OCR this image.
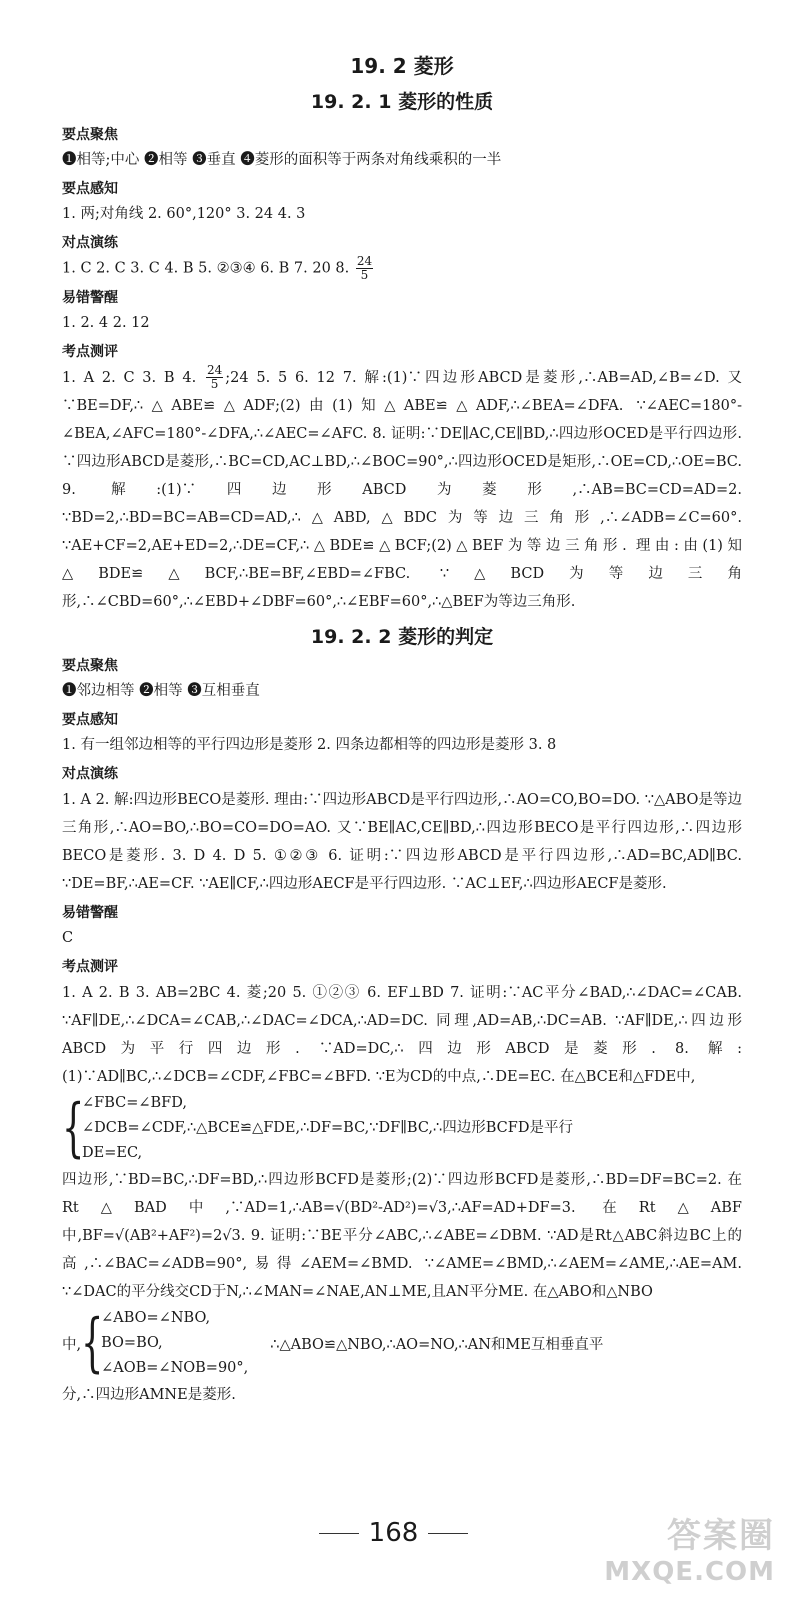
19. 2 菱形
19. 2. 1 菱形的性质
要点聚焦

❶相等;中心 ❷相等 ❸垂直 ❹菱形的面积等于两条对角线乘积的一半

要点感知

1. 两;对角线 2. 60°,120° 3. 24 4. 3

对点演练

1. C 2. C 3. C 4. B 5. ②③④ 6. B 7. 20 8. $\frac{24}{5}$

易错警醒

1. 2. 4 2. 12

考点测评

1. A 2. C 3. B 4. $\frac{24}{5}$ ;24 5. 5 6. 12 7. 解:(1)∵四边形ABCD是菱形,∴AB=AD,∠B=∠D. 又∵BE=DF,∴△ABE≌△ADF;(2)由(1)知△ABE≌△ADF,∴∠BEA=∠DFA. ∵∠AEC=180°-∠BEA,∠AFC=180°-∠DFA,∴∠AEC=∠AFC. 8. 证明:∵DE∥AC,CE∥BD,∴四边形OCED是平行四边形. ∵四边形ABCD是菱形,∴BC=CD,AC⊥BD,∴∠BOC=90°,∴四边形OCED是矩形,∴OE=CD,∴OE=BC. 9. 解:(1)∵四边形ABCD为菱形,∴AB=BC=CD=AD=2. ∵BD=2,∴BD=BC=AB=CD=AD,∴△ABD,△BDC为等边三角形,∴∠ADB=∠C=60°. ∵AE+CF=2,AE+ED=2,∴DE=CF,∴△BDE≌△BCF;(2)△BEF为等边三角形. 理由:由(1)知△BDE≌△BCF,∴BE=BF,∠EBD=∠FBC. ∵△BCD为等边三角形,∴∠CBD=60°,∴∠EBD+∠DBF=60°,∴∠EBF=60°,∴△BEF为等边三角形.

19. 2. 2 菱形的判定
要点聚焦

❶邻边相等 ❷相等 ❸互相垂直

要点感知

1. 有一组邻边相等的平行四边形是菱形 2. 四条边都相等的四边形是菱形 3. 8

对点演练

1. A 2. 解:四边形BECO是菱形. 理由:∵四边形ABCD是平行四边形,∴AO=CO,BO=DO. ∵△ABO是等边三角形,∴AO=BO,∴BO=CO=DO=AO. 又∵BE∥AC,CE∥BD,∴四边形BECO是平行四边形,∴四边形BECO是菱形. 3. D 4. D 5. ①②③ 6. 证明:∵四边形ABCD是平行四边形,∴AD=BC,AD∥BC. ∵DE=BF,∴AE=CF. ∵AE∥CF,∴四边形AECF是平行四边形. ∵AC⊥EF,∴四边形AECF是菱形.

易错警醒

C

考点测评

1. A 2. B 3. AB=2BC 4. 菱;20 5. ①②③ 6. EF⊥BD 7. 证明:∵AC平分∠BAD,∴∠DAC=∠CAB. ∵AF∥DE,∴∠DCA=∠CAB,∴∠DAC=∠DCA,∴AD=DC. 同理,AD=AB,∴DC=AB. ∵AF∥DE,∴四边形ABCD为平行四边形. ∵AD=DC,∴四边形ABCD是菱形. 8. 解:(1)∵AD∥BC,∴∠DCB=∠CDF,∠FBC=∠BFD. ∵E为CD的中点,∴DE=EC. 在△BCE和△FDE中,

{
∠FBC=∠BFD,
∠DCB=∠CDF,∴△BCE≌△FDE,∴DF=BC,∵DF∥BC,∴四边形BCFD是平行
DE=EC,

四边形,∵BD=BC,∴DF=BD,∴四边形BCFD是菱形;(2)∵四边形BCFD是菱形,∴BD=DF=BC=2. 在Rt△BAD中,∵AD=1,∴AB=√(BD²-AD²)=√3,∴AF=AD+DF=3. 在Rt△ABF中,BF=√(AB²+AF²)=2√3. 9. 证明:∵BE平分∠ABC,∴∠ABE=∠DBM. ∵AD是Rt△ABC斜边BC上的高,∴∠BAC=∠ADB=90°,易得∠AEM=∠BMD. ∵∠AME=∠BMD,∴∠AEM=∠AME,∴AE=AM. ∵∠DAC的平分线交CD于N,∴∠MAN=∠NAE,AN⊥ME,且AN平分ME. 在△ABO和△NBO

中, {
∠ABO=∠NBO,
BO=BO,
∠AOB=∠NOB=90°,
∴△ABO≌△NBO,∴AO=NO,∴AN和ME互相垂直平

分,∴四边形AMNE是菱形.

168	答案圈
MXQE.COM
